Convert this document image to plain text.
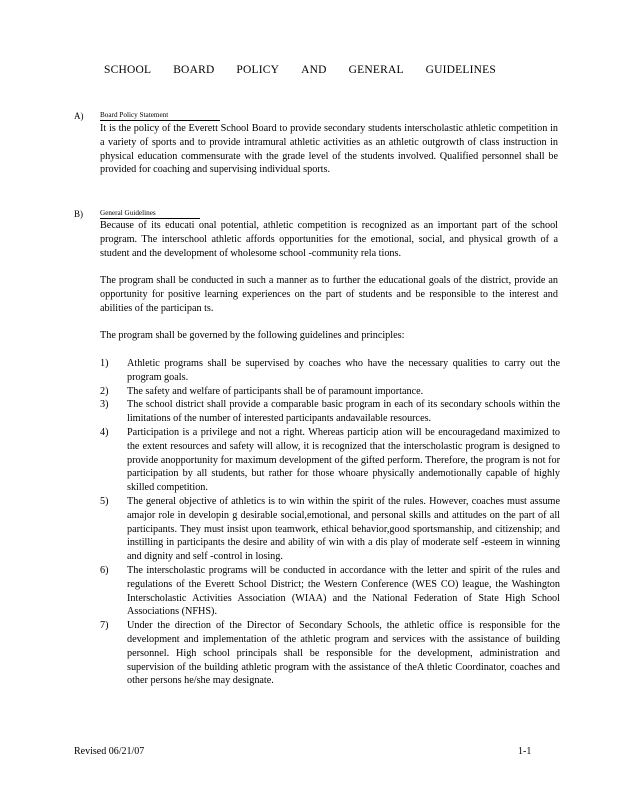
SCHOOL BOARD POLICY AND GENERAL GUIDELINES
A) Board Policy Statement
It is the policy of the Everett School Board to provide secondary students interscholastic athletic competition in a variety of sports and to provide intramural athletic activities as an athletic outgrowth of class instruction in physical education commensurate with the grade level of the students involved. Qualified personnel shall be provided for coaching and supervising individual sports.
B) General Guidelines
Because of its educati onal potential, athletic competition is recognized as an important part of the school program. The interschool athletic affords opportunities for the emotional, social, and physical growth of a student and the development of wholesome school -community rela tions.
The program shall be conducted in such a manner as to further the educational goals of the district, provide an opportunity for positive learning experiences on the part of students and be responsible to the interest and abilities of the participan ts.
The program shall be governed by the following guidelines and principles:
1) Athletic programs shall be supervised by coaches who have the necessary qualities to carry out the program goals.
2) The safety and welfare of participants shall be of paramount importance.
3) The school district shall provide a comparable basic program in each of its secondary schools within the limitations of the number of interested participants andavailable resources.
4) Participation is a privilege and not a right. Whereas particip ation will be encouragedand maximized to the extent resources and safety will allow, it is recognized that the interscholastic program is designed to provide anopportunity for maximum development of the gifted perform. Therefore, the program is not for participation by all students, but rather for those whoare physically andemotionally capable of highly skilled competition.
5) The general objective of athletics is to win within the spirit of the rules. However, coaches must assume amajor role in developin g desirable social,emotional, and personal skills and attitudes on the part of all participants. They must insist upon teamwork, ethical behavior,good sportsmanship, and citizenship; and instilling in participants the desire and ability of win with a dis play of moderate self -esteem in winning and dignity and self -control in losing.
6) The interscholastic programs will be conducted in accordance with the letter and spirit of the rules and regulations of the Everett School District; the Western Conference (WES CO) league, the Washington Interscholastic Activities Association (WIAA) and the National Federation of State High School Associations (NFHS).
7) Under the direction of the Director of Secondary Schools, the athletic office is responsible for the development and implementation of the athletic program and services with the assistance of building personnel. High school principals shall be responsible for the development, administration and supervision of the building athletic program with the assistance of theA thletic Coordinator, coaches and other persons he/she may designate.
Revised 06/21/07	1-1
